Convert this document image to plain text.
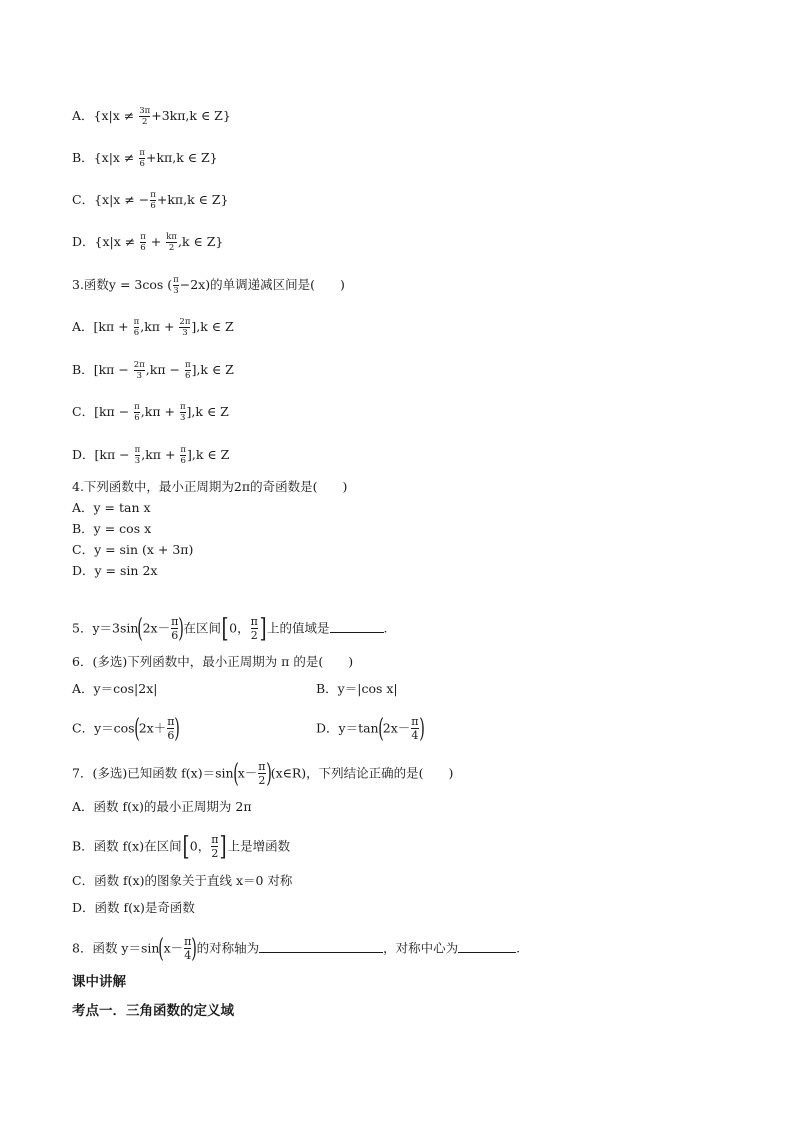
A．{$x|x \ne \frac{3\pi}{2} +3k\pi,k$ ∈ Z}
B．{$x|x \ne \frac{\pi}{6} +k\pi,k$ ∈ Z}
C．{x|x ≠ − $\frac{\pi}{6} +k\pi,k$ ∈ Z}
D．{$x|x \ne \frac{\pi}{6} + \frac{k\pi}{2} ,k$ ∈ Z}
3.函数y = 3cos ( $\frac{\pi}{3} -2x$)的单调递减区间是(　　)
A．$[k\pi + \frac{\pi}{6} ,k\pi + \frac{2\pi}{3} ],k$ ∈ Z
B．$[k\pi - \frac{2\pi}{3} ,k\pi - \frac{\pi}{6} ],k$ ∈ Z
C．$[k\pi - \frac{\pi}{6} ,k\pi + \frac{\pi}{3} ],k$ ∈ Z
D．$[k\pi - \frac{\pi}{3} ,k\pi + \frac{\pi}{6} ],k$ ∈ Z
4.下列函数中，最小正周期为2π的奇函数是(　　)
A．y = tan x
B．y = cos x
C．y = sin (x + 3π)
D．y = sin 2x
5．$y=3\sin(2x- \frac{\pi}{6}$ )在区间[0， $\frac{\pi}{2}$ ]上的值域是	.
6．(多选)下列函数中，最小正周期为 π 的是(　　)
A．y＝cos|2x|	B．y＝|cos x|
C．$y=\cos(2x+ \frac{\pi}{6}$ )	D．$y=\tan(2x- \frac{\pi}{4}$ )
7．(多选)已知函数 $f(x)=\sin(x- \frac{\pi}{2}$ )(x∈R)，下列结论正确的是(　　)
A．函数 f(x)的最小正周期为 2π
B．函数 f(x)在区间[0， $\frac{\pi}{2}$ ]上是增函数
C．函数 f(x)的图象关于直线 x＝0 对称
D．函数 f(x)是奇函数
8．函数 $y=\sin(x- \frac{\pi}{4}$ )的对称轴为	，对称中心为	.
课中讲解
考点一．三角函数的定义域
